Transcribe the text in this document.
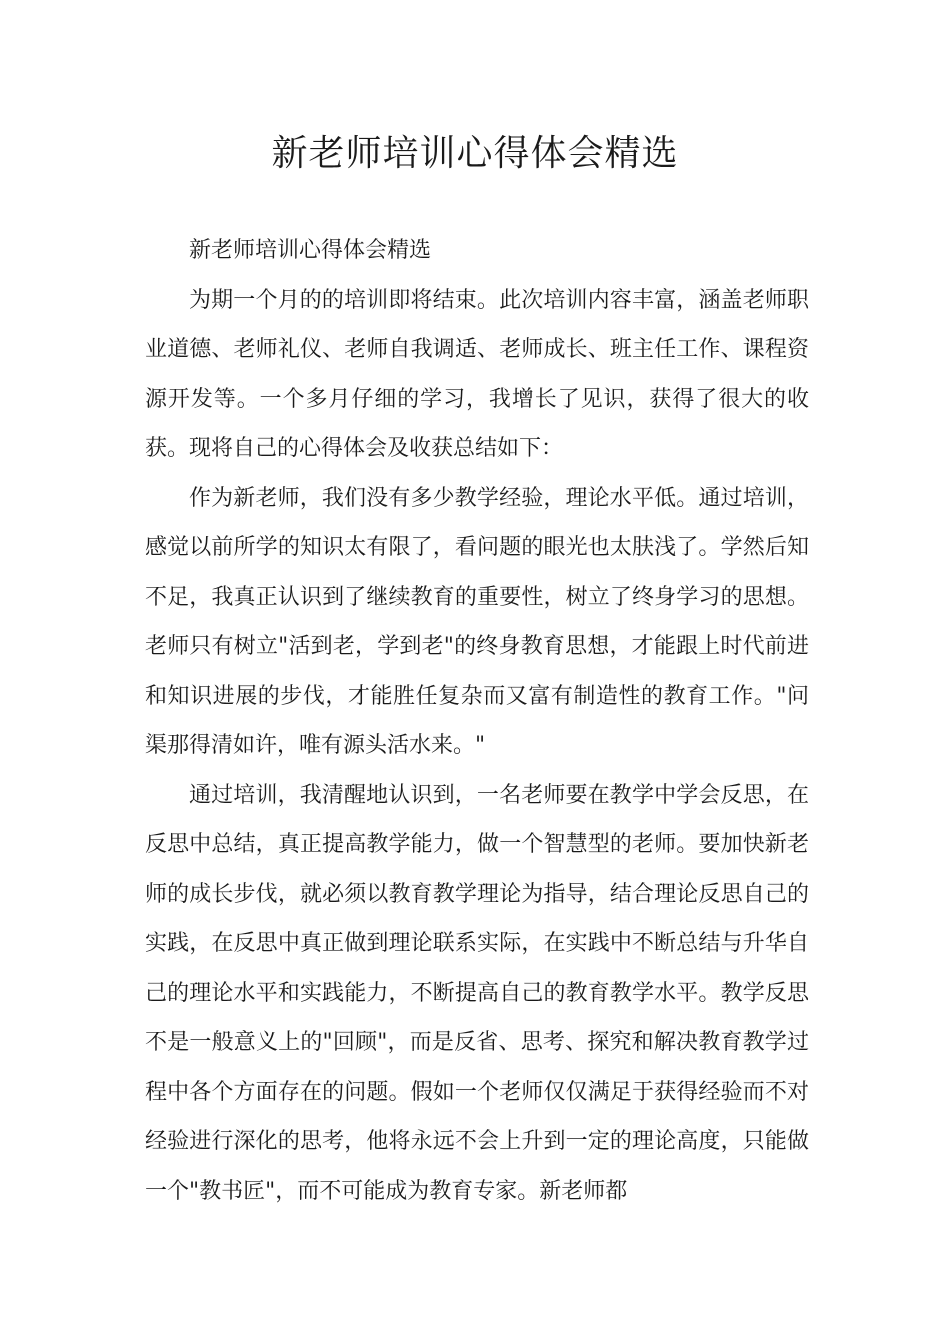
新老师培训心得体会精选

新老师培训心得体会精选

为期一个月的的培训即将结束。此次培训内容丰富，涵盖老师职业道德、老师礼仪、老师自我调适、老师成长、班主任工作、课程资源开发等。一个多月仔细的学习，我增长了见识，获得了很大的收获。现将自己的心得体会及收获总结如下：

作为新老师，我们没有多少教学经验，理论水平低。通过培训，感觉以前所学的知识太有限了，看问题的眼光也太肤浅了。学然后知不足，我真正认识到了继续教育的重要性，树立了终身学习的思想。老师只有树立"活到老，学到老"的终身教育思想，才能跟上时代前进和知识进展的步伐，才能胜任复杂而又富有制造性的教育工作。"问渠那得清如许，唯有源头活水来。"

通过培训，我清醒地认识到，一名老师要在教学中学会反思，在反思中总结，真正提高教学能力，做一个智慧型的老师。要加快新老师的成长步伐，就必须以教育教学理论为指导，结合理论反思自己的实践，在反思中真正做到理论联系实际，在实践中不断总结与升华自己的理论水平和实践能力，不断提高自己的教育教学水平。教学反思不是一般意义上的"回顾"，而是反省、思考、探究和解决教育教学过程中各个方面存在的问题。假如一个老师仅仅满足于获得经验而不对经验进行深化的思考，他将永远不会上升到一定的理论高度，只能做一个"教书匠"，而不可能成为教育专家。新老师都
